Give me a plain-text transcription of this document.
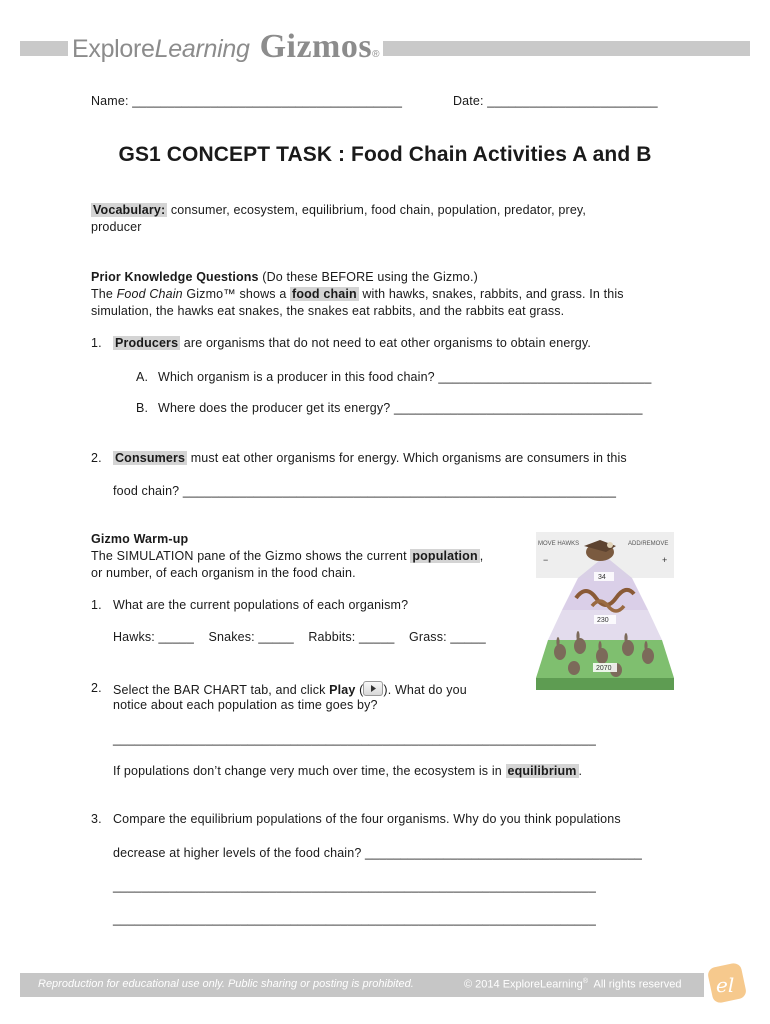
Explore Learning Gizmos ®
Name: ______________________________________	Date: ________________________
GS1 CONCEPT TASK : Food Chain Activities A and B
Vocabulary: consumer, ecosystem, equilibrium, food chain, population, predator, prey,
producer
Prior Knowledge Questions (Do these BEFORE using the Gizmo.)
The Food Chain Gizmo™ shows a food chain with hawks, snakes, rabbits, and grass. In this
simulation, the hawks eat snakes, the snakes eat rabbits, and the rabbits eat grass.
1. Producers are organisms that do not need to eat other organisms to obtain energy.
A. Which organism is a producer in this food chain? ______________________________
B. Where does the producer get its energy? ___________________________________
2. Consumers must eat other organisms for energy. Which organisms are consumers in this
food chain? _____________________________________________________________
Gizmo Warm-up
The SIMULATION pane of the Gizmo shows the current population ,
or number, of each organism in the food chain.
1. What are the current populations of each organism?
Hawks: _____    Snakes: _____    Rabbits: _____    Grass: _____
2. Select the BAR CHART tab, and click Play ( ). What do you
notice about each population as time goes by?
____________________________________________________________________
If populations don’t change very much over time, the ecosystem is in equilibrium .
3. Compare the equilibrium populations of the four organisms. Why do you think populations
decrease at higher levels of the food chain? _______________________________________
____________________________________________________________________
____________________________________________________________________
MOVE HAWKS	ADD/REMOVE
−	+
34
230
2070
Reproduction for educational use only. Public sharing or posting is prohibited.	© 2014 ExploreLearning®  All rights reserved el
